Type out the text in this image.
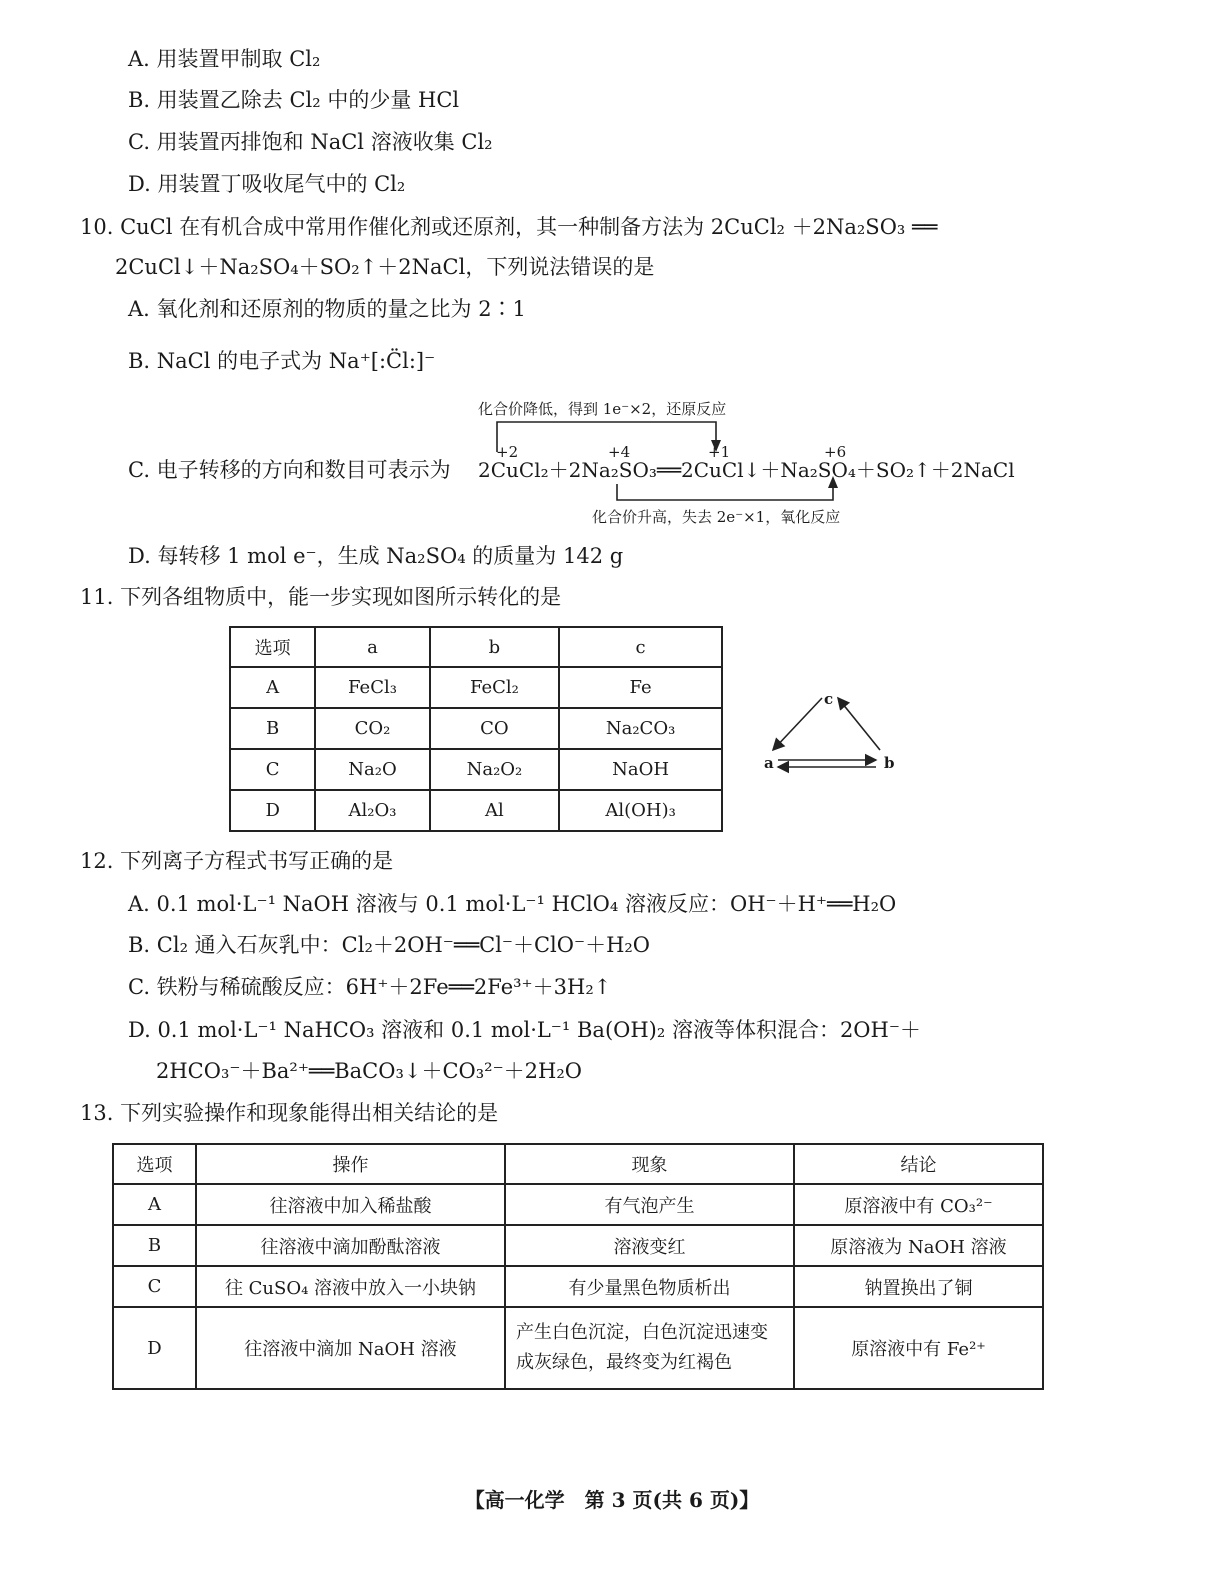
A. 用装置甲制取 Cl₂
B. 用装置乙除去 Cl₂ 中的少量 HCl
C. 用装置丙排饱和 NaCl 溶液收集 Cl₂
D. 用装置丁吸收尾气中的 Cl₂
10. CuCl 在有机合成中常用作催化剂或还原剂，其一种制备方法为 2CuCl₂ ＋2Na₂SO₃ ══
2CuCl↓＋Na₂SO₄＋SO₂↑＋2NaCl，下列说法错误的是
A. 氧化剂和还原剂的物质的量之比为 2∶1
B. NaCl 的电子式为 Na⁺[:C̈l:]⁻
化合价降低，得到 1e⁻×2，还原反应
+2	+4	+1	+6
C. 电子转移的方向和数目可表示为 2CuCl₂＋2Na₂SO₃══2CuCl↓＋Na₂SO₄＋SO₂↑＋2NaCl
化合价升高，失去 2e⁻×1，氧化反应
D. 每转移 1 mol e⁻，生成 Na₂SO₄ 的质量为 142 g
11. 下列各组物质中，能一步实现如图所示转化的是
选项	a	b	c
A	FeCl₃	FeCl₂	Fe
B	CO₂	CO	Na₂CO₃
C	Na₂O	Na₂O₂	NaOH
D	Al₂O₃	Al	Al(OH)₃
a	b
c
12. 下列离子方程式书写正确的是
A. 0.1 mol·L⁻¹ NaOH 溶液与 0.1 mol·L⁻¹ HClO₄ 溶液反应：OH⁻＋H⁺══H₂O
B. Cl₂ 通入石灰乳中：Cl₂＋2OH⁻══Cl⁻＋ClO⁻＋H₂O
C. 铁粉与稀硫酸反应：6H⁺＋2Fe══2Fe³⁺＋3H₂↑
D. 0.1 mol·L⁻¹ NaHCO₃ 溶液和 0.1 mol·L⁻¹ Ba(OH)₂ 溶液等体积混合：2OH⁻＋
2HCO₃⁻＋Ba²⁺══BaCO₃↓＋CO₃²⁻＋2H₂O
13. 下列实验操作和现象能得出相关结论的是
选项	操作	现象	结论
A	往溶液中加入稀盐酸	有气泡产生	原溶液中有 CO₃²⁻
B	往溶液中滴加酚酞溶液	溶液变红	原溶液为 NaOH 溶液
C	往 CuSO₄ 溶液中放入一小块钠	有少量黑色物质析出	钠置换出了铜
D	往溶液中滴加 NaOH 溶液	产生白色沉淀，白色沉淀迅速变成灰绿色，最终变为红褐色	原溶液中有 Fe²⁺
【高一化学　第 3 页(共 6 页)】
